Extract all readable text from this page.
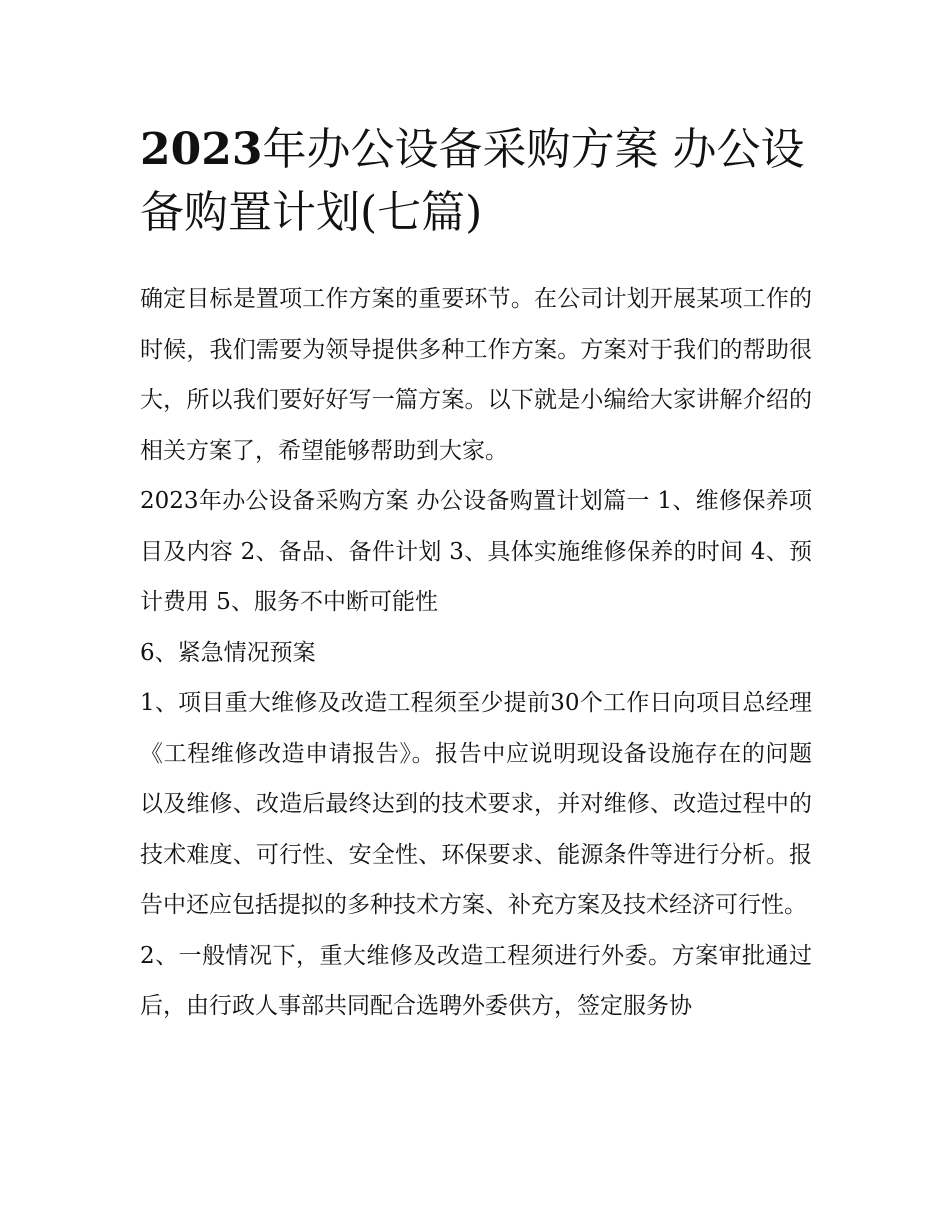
2023年办公设备采购方案 办公设备购置计划(七篇)

确定目标是置项工作方案的重要环节。在公司计划开展某项工作的时候，我们需要为领导提供多种工作方案。方案对于我们的帮助很大，所以我们要好好写一篇方案。以下就是小编给大家讲解介绍的相关方案了，希望能够帮助到大家。

2023年办公设备采购方案 办公设备购置计划篇一 1、维修保养项目及内容 2、备品、备件计划 3、具体实施维修保养的时间 4、预计费用 5、服务不中断可能性

6、紧急情况预案

1、项目重大维修及改造工程须至少提前30个工作日向项目总经理《工程维修改造申请报告》。报告中应说明现设备设施存在的问题以及维修、改造后最终达到的技术要求，并对维修、改造过程中的技术难度、可行性、安全性、环保要求、能源条件等进行分析。报告中还应包括提拟的多种技术方案、补充方案及技术经济可行性。

2、一般情况下，重大维修及改造工程须进行外委。方案审批通过后，由行政人事部共同配合选聘外委供方，签定服务协
